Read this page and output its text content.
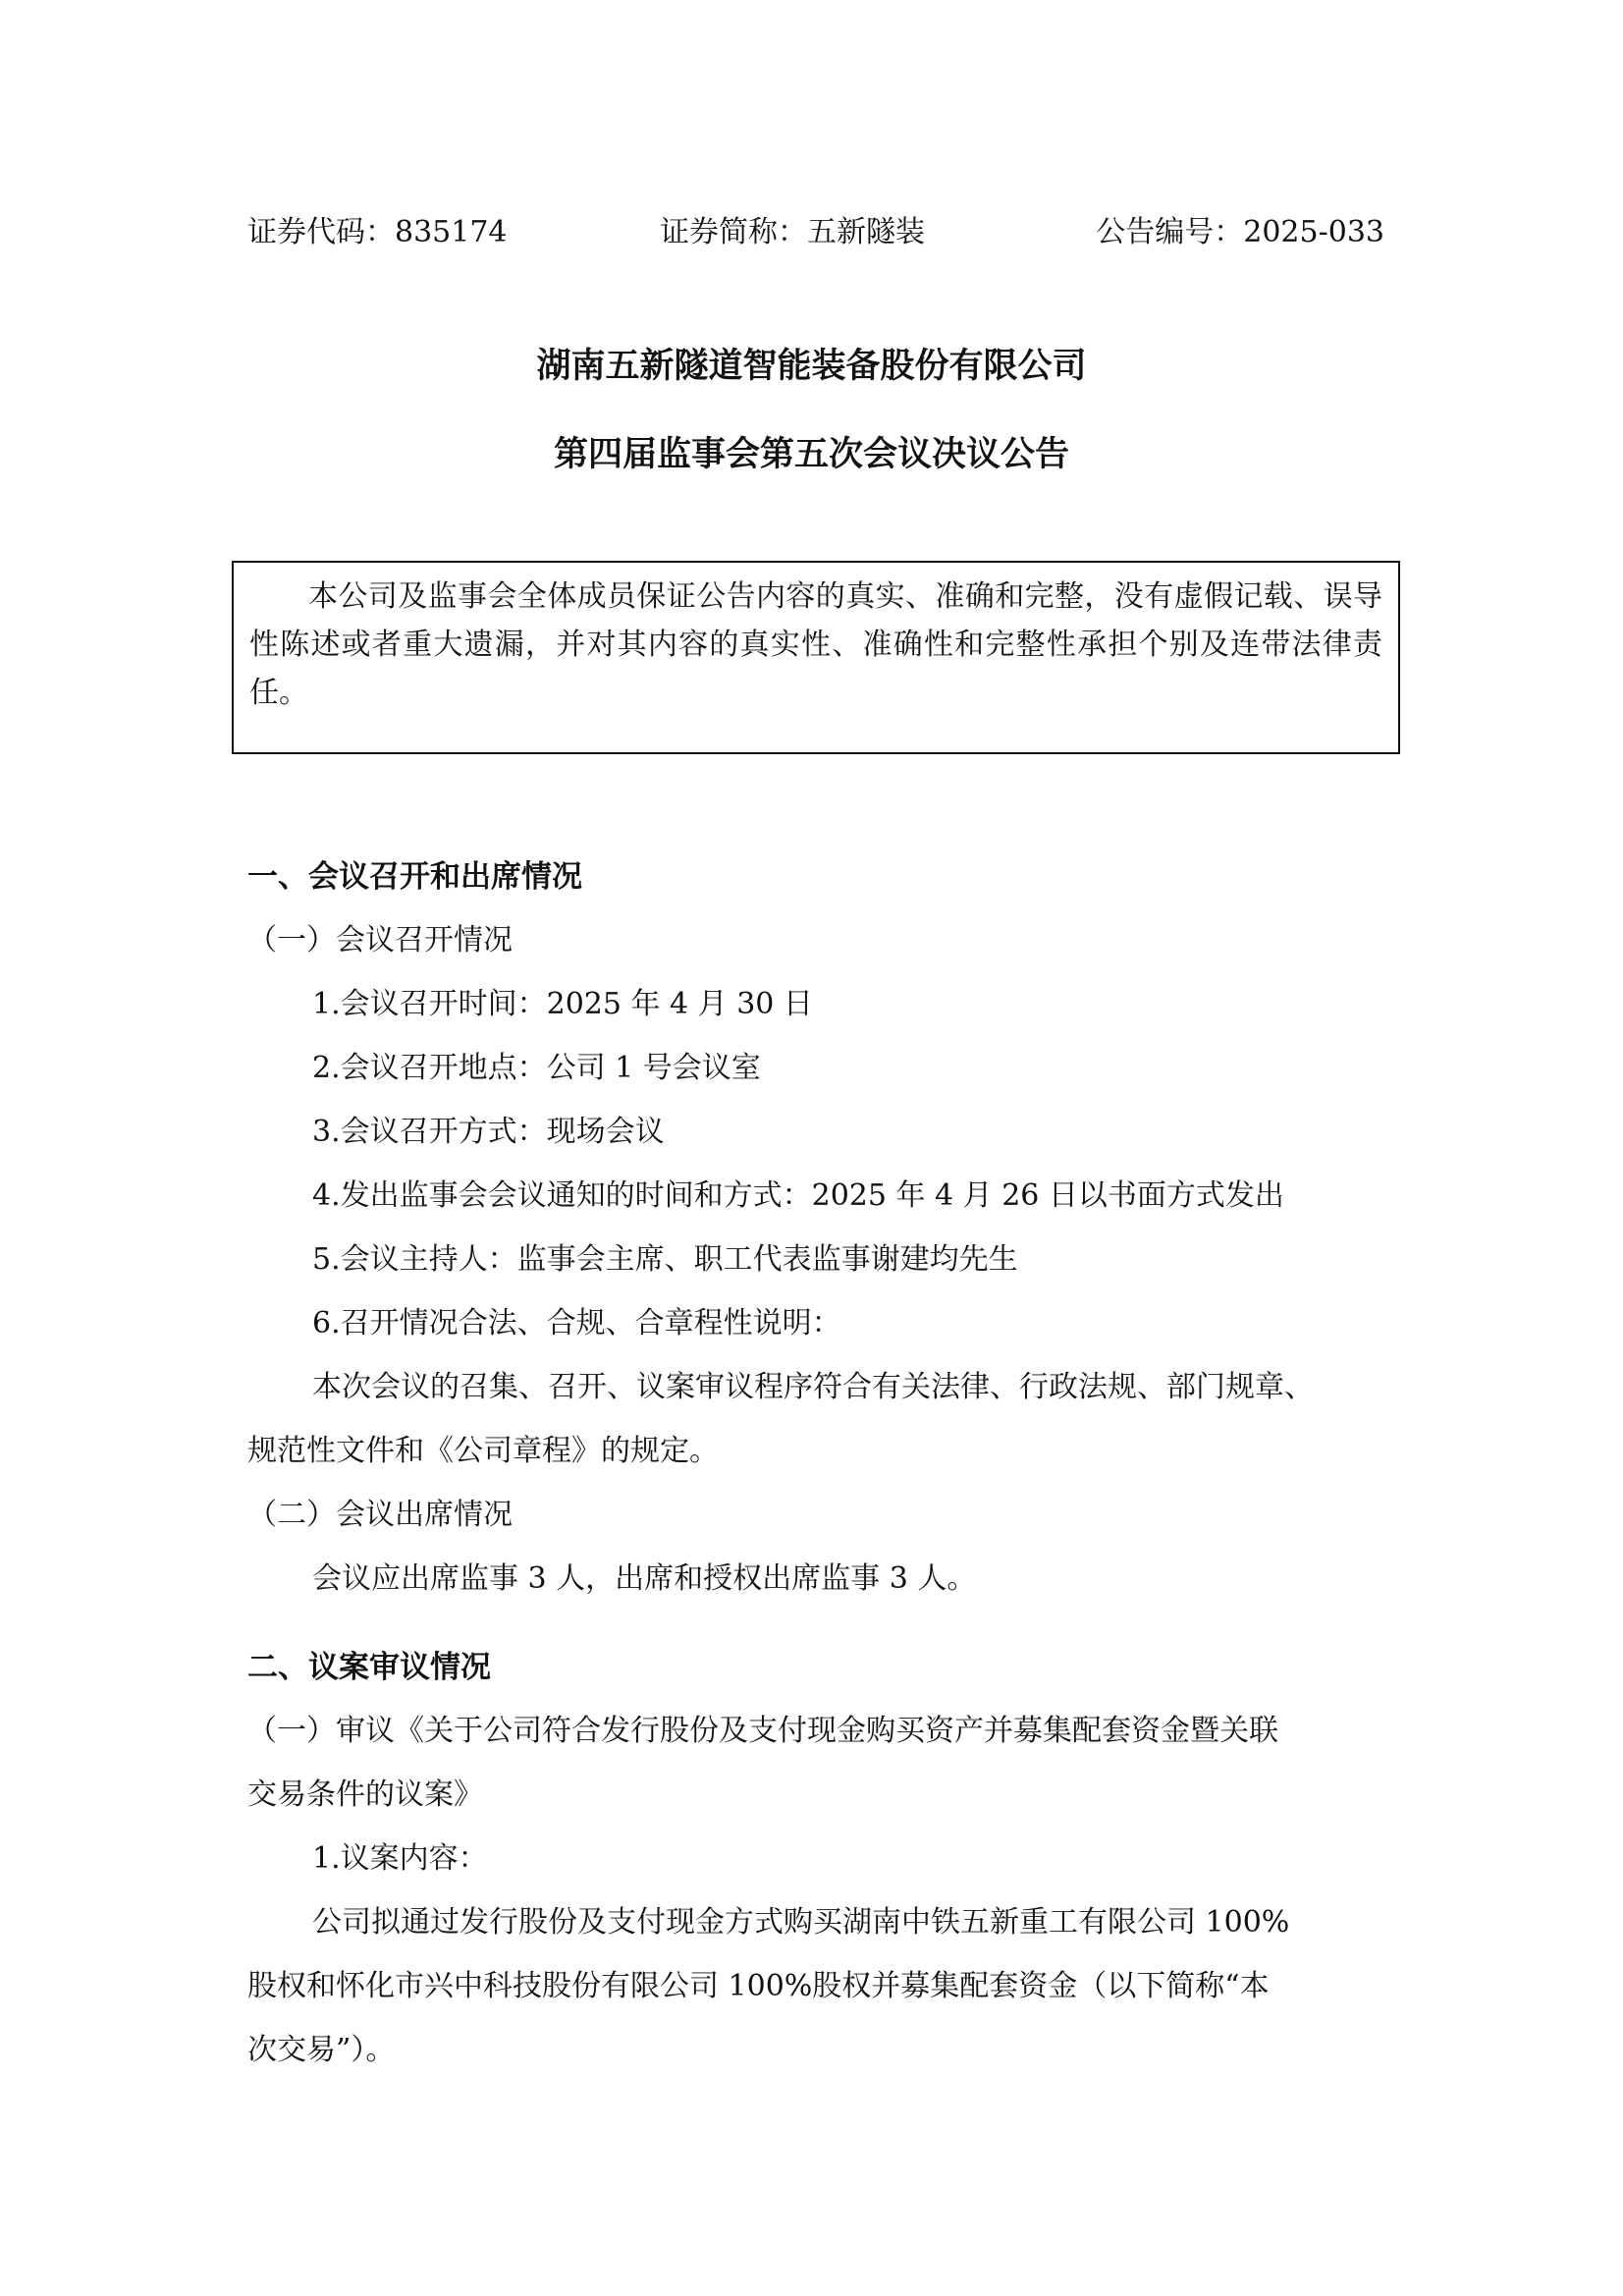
证券代码：835174	证券简称：五新隧装	公告编号：2025-033
湖南五新隧道智能装备股份有限公司
第四届监事会第五次会议决议公告

本公司及监事会全体成员保证公告内容的真实、准确和完整，没有虚假记载、误导性陈述或者重大遗漏，并对其内容的真实性、准确性和完整性承担个别及连带法律责任。

一、会议召开和出席情况
（一）会议召开情况
1.会议召开时间：2025 年 4 月 30 日
2.会议召开地点：公司 1 号会议室
3.会议召开方式：现场会议
4.发出监事会会议通知的时间和方式：2025 年 4 月 26 日以书面方式发出
5.会议主持人：监事会主席、职工代表监事谢建均先生
6.召开情况合法、合规、合章程性说明：
本次会议的召集、召开、议案审议程序符合有关法律、行政法规、部门规章、
规范性文件和《公司章程》的规定。
（二）会议出席情况
会议应出席监事 3 人，出席和授权出席监事 3 人。
二、议案审议情况
（一）审议《关于公司符合发行股份及支付现金购买资产并募集配套资金暨关联
交易条件的议案》
1.议案内容：
公司拟通过发行股份及支付现金方式购买湖南中铁五新重工有限公司 100%
股权和怀化市兴中科技股份有限公司 100%股权并募集配套资金（以下简称“本
次交易”）。
